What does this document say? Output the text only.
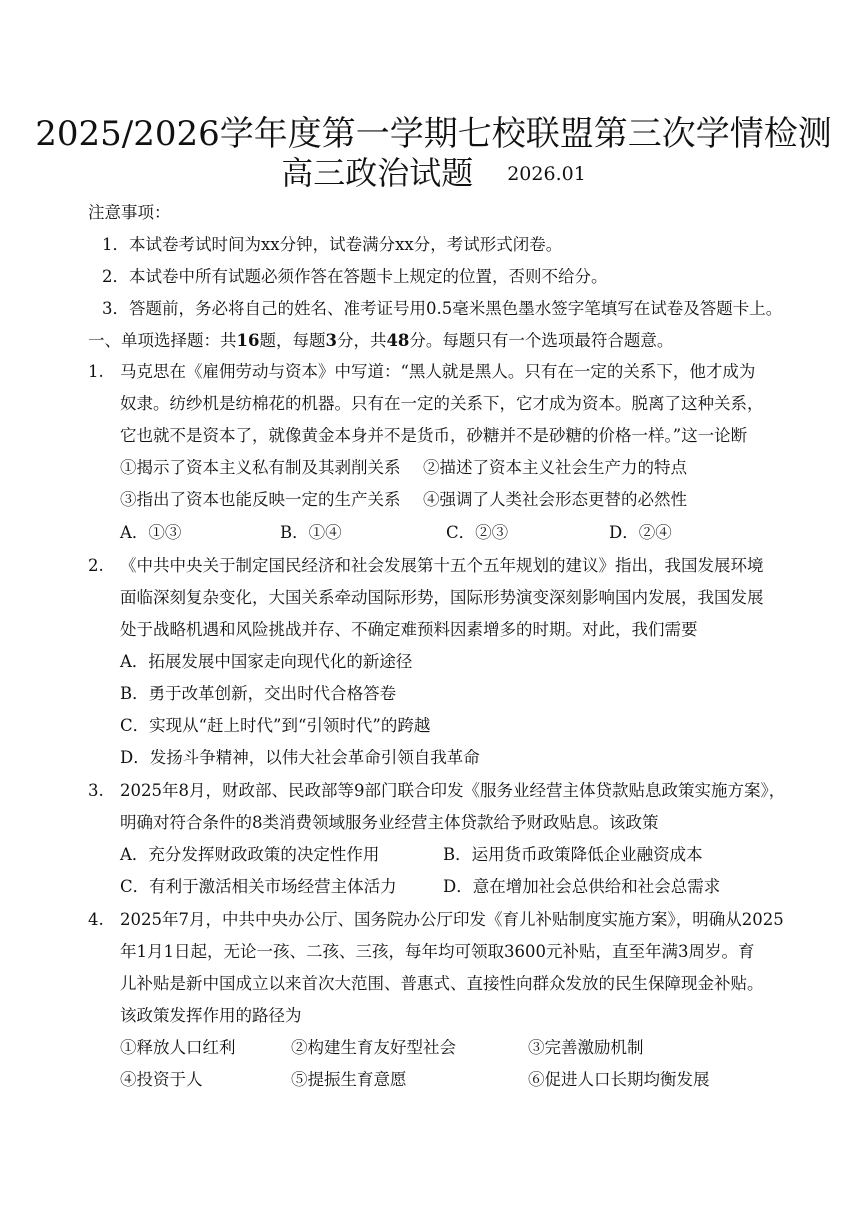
2025/2026学年度第一学期七校联盟第三次学情检测
高三政治试题 2026.01
注意事项：
1．本试卷考试时间为xx分钟，试卷满分xx分，考试形式闭卷。
2．本试卷中所有试题必须作答在答题卡上规定的位置，否则不给分。
3．答题前，务必将自己的姓名、准考证号用0.5毫米黑色墨水签字笔填写在试卷及答题卡上。
一、单项选择题：共16题，每题3分，共48分。每题只有一个选项最符合题意。
1. 马克思在《雇佣劳动与资本》中写道：“黑人就是黑人。只有在一定的关系下，他才成为
奴隶。纺纱机是纺棉花的机器。只有在一定的关系下，它才成为资本。脱离了这种关系，
它也就不是资本了，就像黄金本身并不是货币，砂糖并不是砂糖的价格一样。”这一论断
①揭示了资本主义私有制及其剥削关系 ②描述了资本主义社会生产力的特点
③指出了资本也能反映一定的生产关系 ④强调了人类社会形态更替的必然性
A．①③	B．①④	C．②③	D．②④
2. 《中共中央关于制定国民经济和社会发展第十五个五年规划的建议》指出，我国发展环境
面临深刻复杂变化，大国关系牵动国际形势，国际形势演变深刻影响国内发展，我国发展
处于战略机遇和风险挑战并存、不确定难预料因素增多的时期。对此，我们需要
A．拓展发展中国家走向现代化的新途径
B．勇于改革创新，交出时代合格答卷
C．实现从“赶上时代”到“引领时代”的跨越
D．发扬斗争精神，以伟大社会革命引领自我革命
3. 2025年8月，财政部、民政部等9部门联合印发《服务业经营主体贷款贴息政策实施方案》，
明确对符合条件的8类消费领域服务业经营主体贷款给予财政贴息。该政策
A．充分发挥财政政策的决定性作用	B．运用货币政策降低企业融资成本
C．有利于激活相关市场经营主体活力	D．意在增加社会总供给和社会总需求
4. 2025年7月，中共中央办公厅、国务院办公厅印发《育儿补贴制度实施方案》，明确从2025
年1月1日起，无论一孩、二孩、三孩，每年均可领取3600元补贴，直至年满3周岁。育
儿补贴是新中国成立以来首次大范围、普惠式、直接性向群众发放的民生保障现金补贴。
该政策发挥作用的路径为
①释放人口红利	②构建生育友好型社会	③完善激励机制
④投资于人	⑤提振生育意愿	⑥促进人口长期均衡发展
